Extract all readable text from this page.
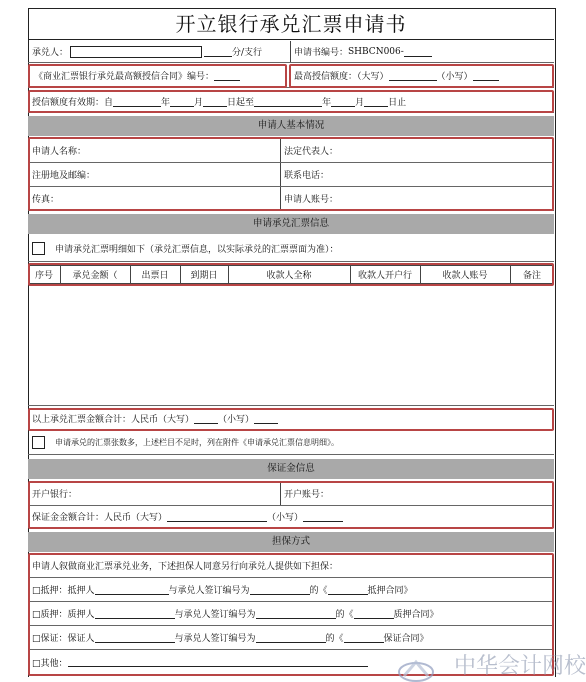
开立银行承兑汇票申请书
承兑人：	分/支行	申请书编号： SHBCN006-
《商业汇票银行承兑最高额授信合同》编号：	最高授信额度：（大写）	（小写）
授信额度有效期：自	年	月	日起至	年	月	日止
申请人基本情况
申请人名称：	法定代表人：
注册地及邮编：	联系电话：
传真：	申请人账号：
申请承兑汇票信息
申请承兑汇票明细如下（承兑汇票信息，以实际承兑的汇票票面为准）：
序号	承兑金额（	出票日	到期日	收款人全称	收款人开户行	收款人账号	备注
以上承兑汇票金额合计：人民币（大写）	（小写）
申请承兑的汇票张数多，上述栏目不足时，列在附件《申请承兑汇票信息明细》。
保证金信息
开户银行：	开户账号：
保证金金额合计：人民币（大写）	（小写）
担保方式
申请人叙做商业汇票承兑业务，下述担保人同意另行向承兑人提供如下担保：
□抵押：抵押人	与承兑人签订编号为	的《	抵押合同》
□质押：质押人	与承兑人签订编号为	的《	质押合同》
□保证：保证人	与承兑人签订编号为	的《	保证合同》
□其他：	中华会计网校
